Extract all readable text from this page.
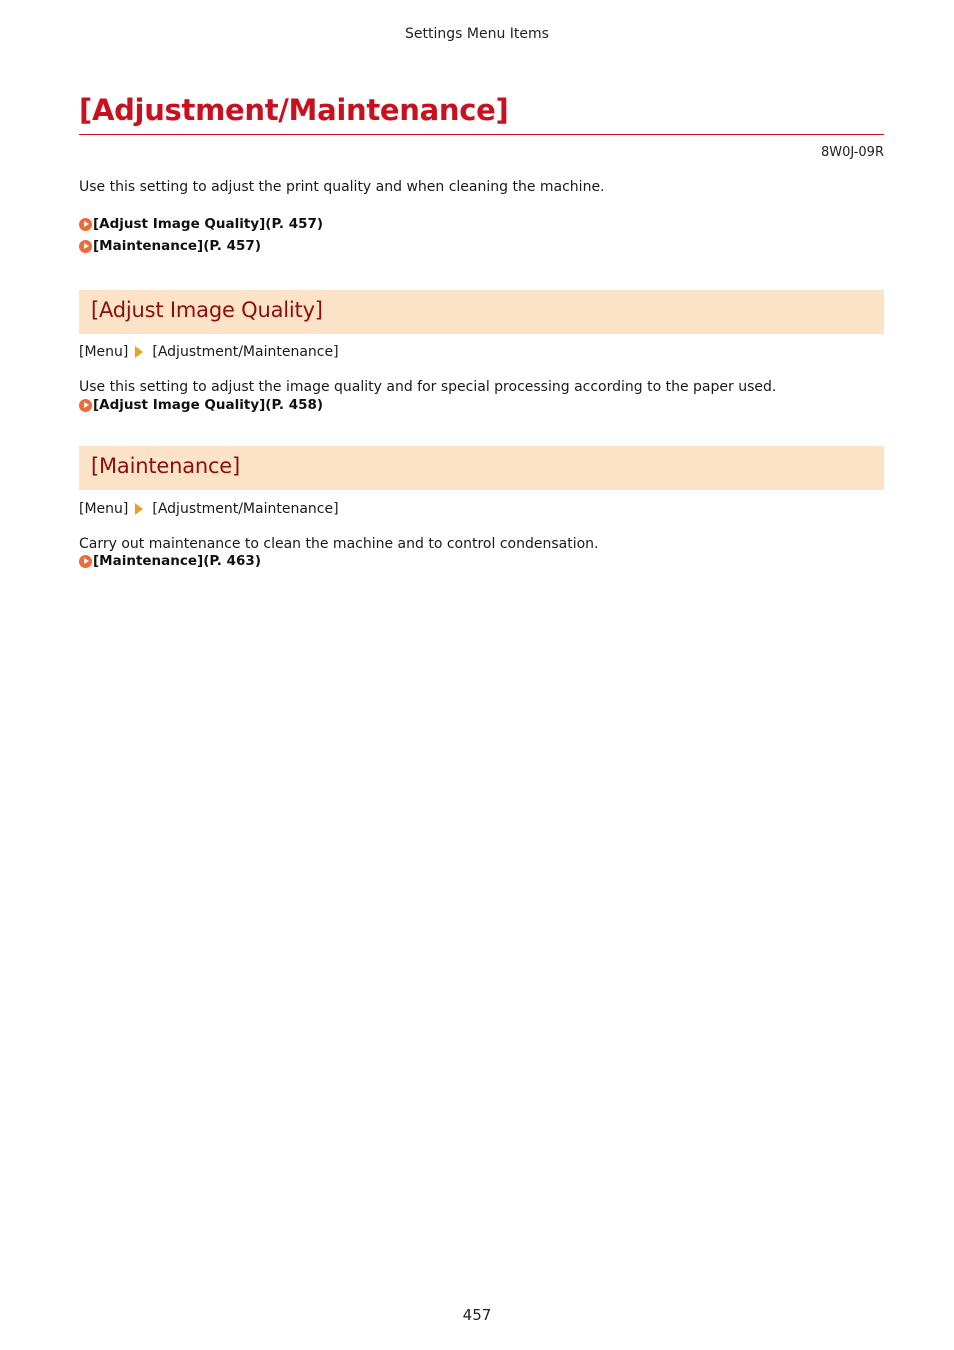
Settings Menu Items
[Adjustment/Maintenance]
8W0J-09R

Use this setting to adjust the print quality and when cleaning the machine.

[Adjust Image Quality](P. 457)
[Maintenance](P. 457)
[Adjust Image Quality]
[Menu] [Adjustment/Maintenance]

Use this setting to adjust the image quality and for special processing according to the paper used.

[Adjust Image Quality](P. 458)
[Maintenance]
[Menu] [Adjustment/Maintenance]

Carry out maintenance to clean the machine and to control condensation.

[Maintenance](P. 463)
457
